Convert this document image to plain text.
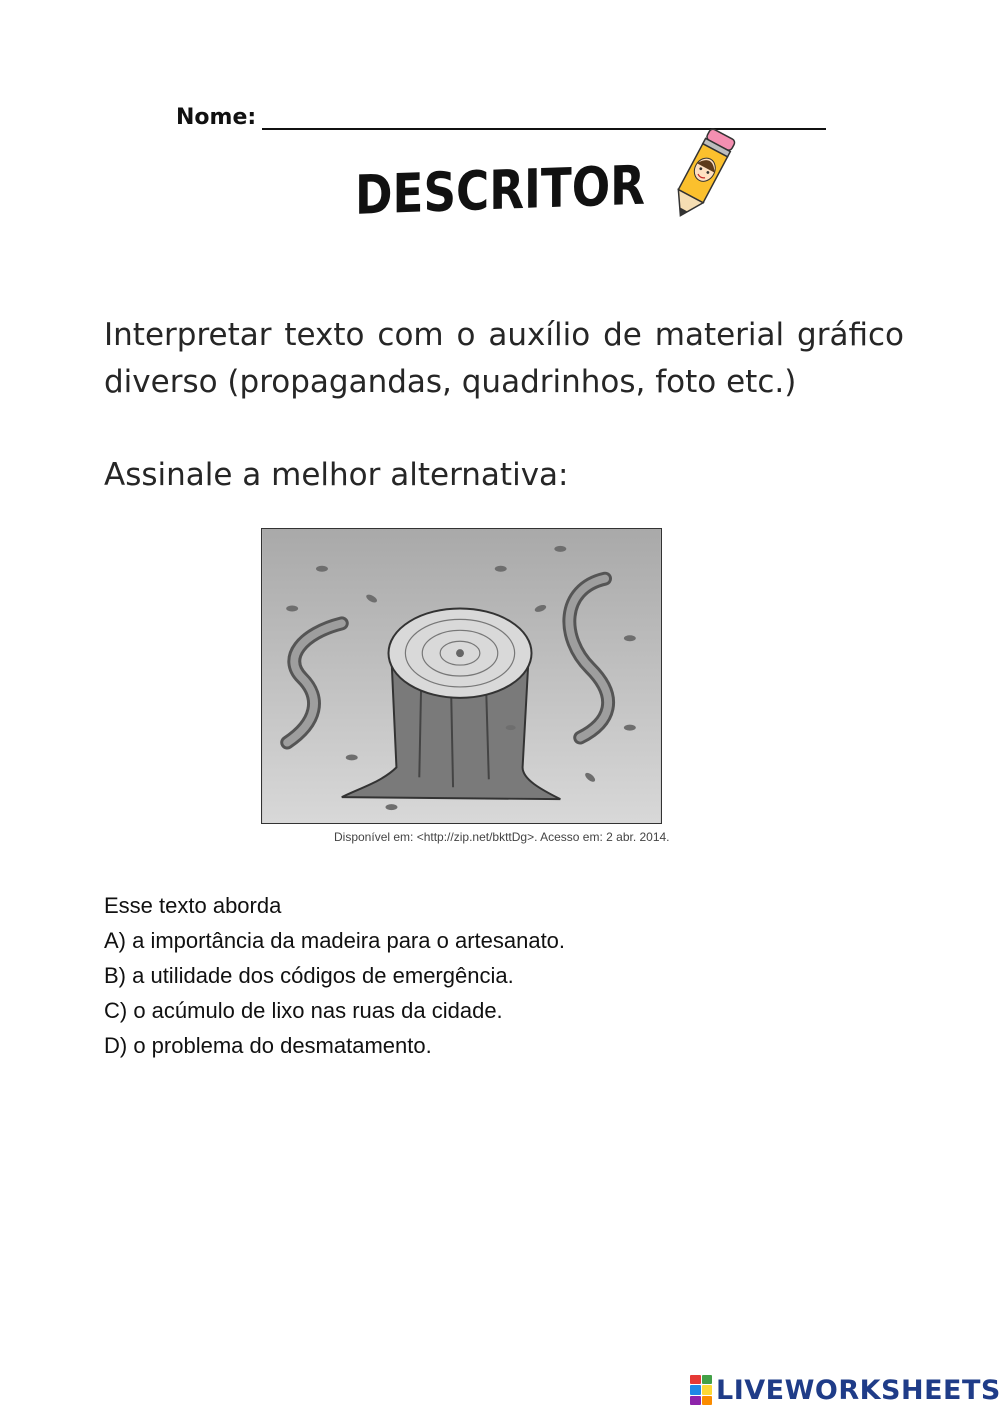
Nome:
DESCRITOR
Interpretar texto com o auxílio de material gráfico diverso (propagandas, quadrinhos, foto etc.)
Assinale a melhor alternativa:
Disponível em: <http://zip.net/bkttDg>. Acesso em: 2 abr. 2014.
Esse texto aborda
A) a importância da madeira para o artesanato.
B) a utilidade dos códigos de emergência.
C) o acúmulo de lixo nas ruas da cidade.
D) o problema do desmatamento.
LIVEWORKSHEETS
